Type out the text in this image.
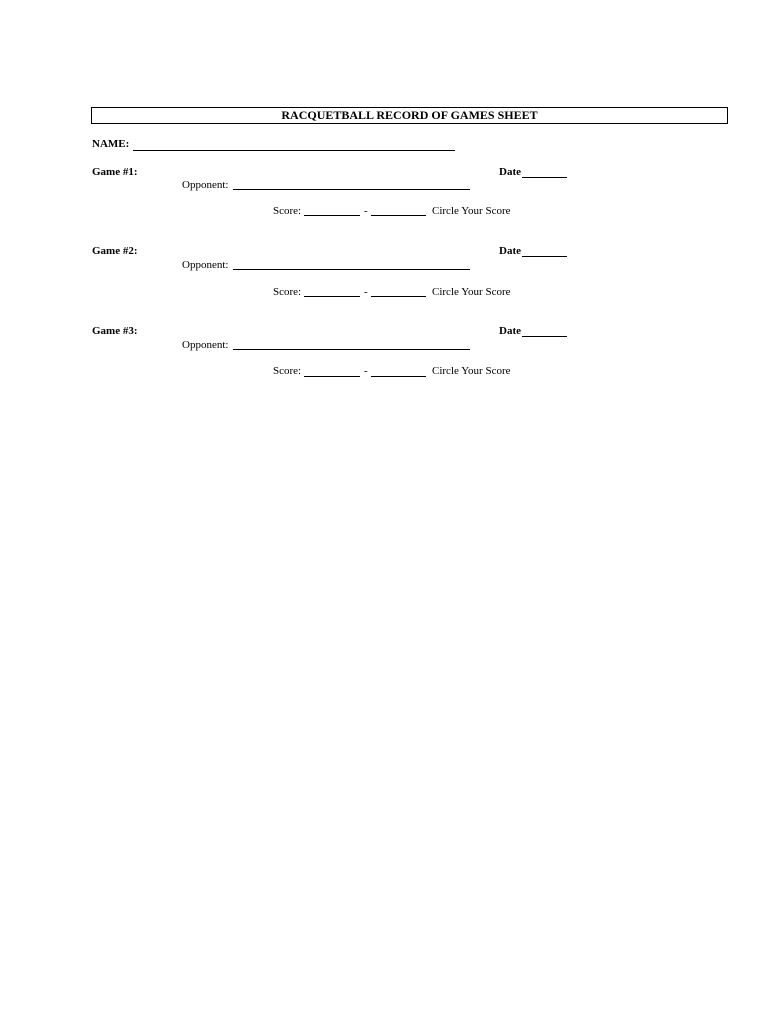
RACQUETBALL RECORD OF GAMES SHEET
NAME:
Game #1:	Date
Opponent:
Score:	-	Circle Your Score
Game #2:	Date
Opponent:
Score:	-	Circle Your Score
Game #3:	Date
Opponent:
Score:	-	Circle Your Score
